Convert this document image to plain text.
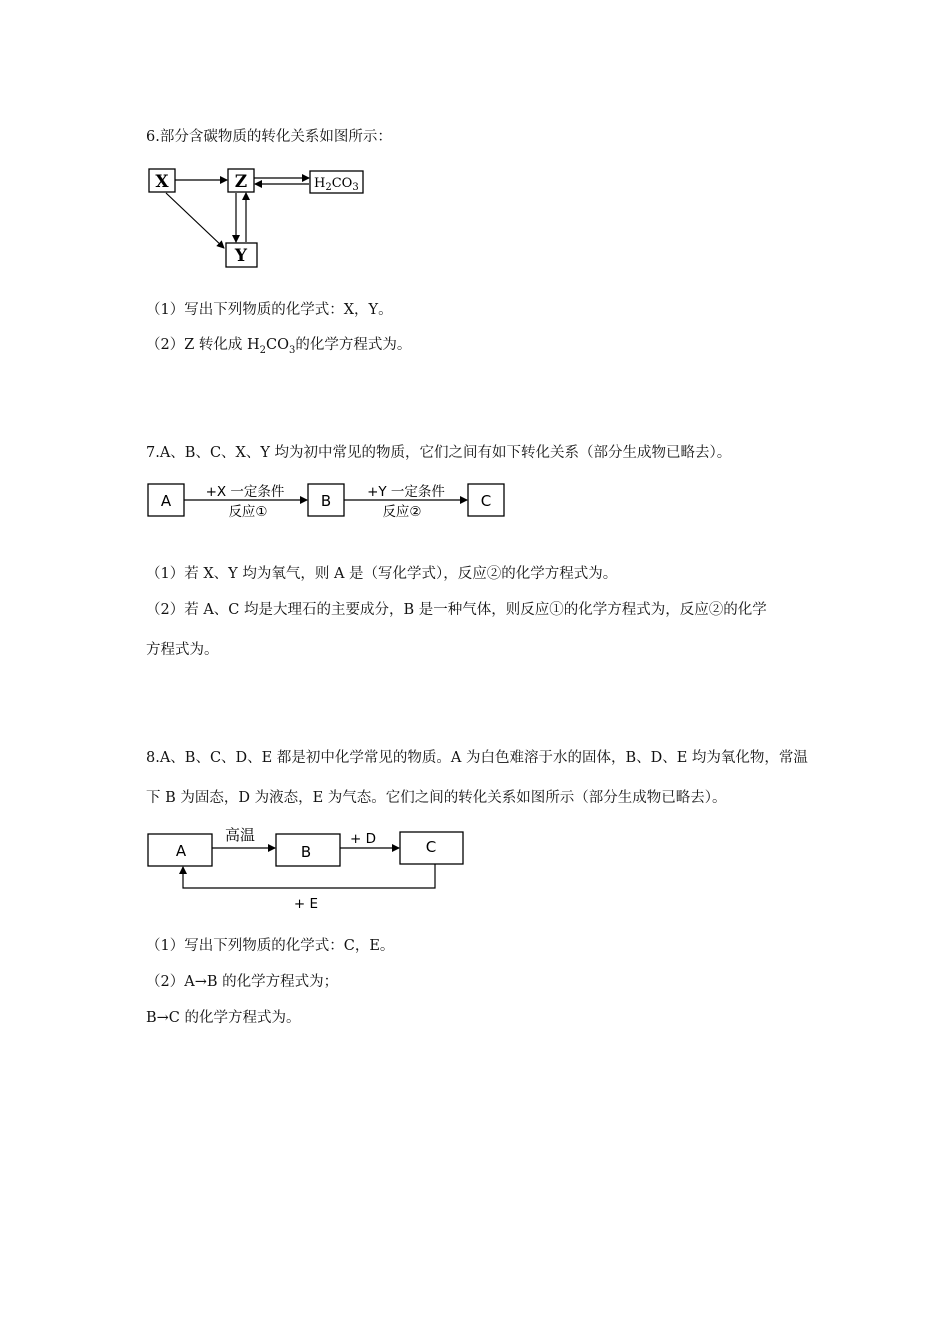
6.部分含碳物质的转化关系如图所示：
X	Z
Y
$H_2CO_3$
（1）写出下列物质的化学式：X，Y。
（2）Z 转化成 $H_2CO_3$的化学方程式为。
7.A、B、C、X、Y 均为初中常见的物质，它们之间有如下转化关系（部分生成物已略去）。
A	B	C
+X 一定条件
反应①
+Y 一定条件
反应②
（1）若 X、Y 均为氧气，则 A 是（写化学式），反应②的化学方程式为。
（2）若 A、C 均是大理石的主要成分，B 是一种气体，则反应①的化学方程式为，反应②的化学
方程式为。
8.A、B、C、D、E 都是初中化学常见的物质。A 为白色难溶于水的固体，B、D、E 均为氧化物，常温
下 B 为固态，D 为液态，E 为气态。它们之间的转化关系如图所示（部分生成物已略去）。
A	B	C
高温	+ D
+ E
（1）写出下列物质的化学式：C，E。
（2）A→B 的化学方程式为；
B→C 的化学方程式为。
